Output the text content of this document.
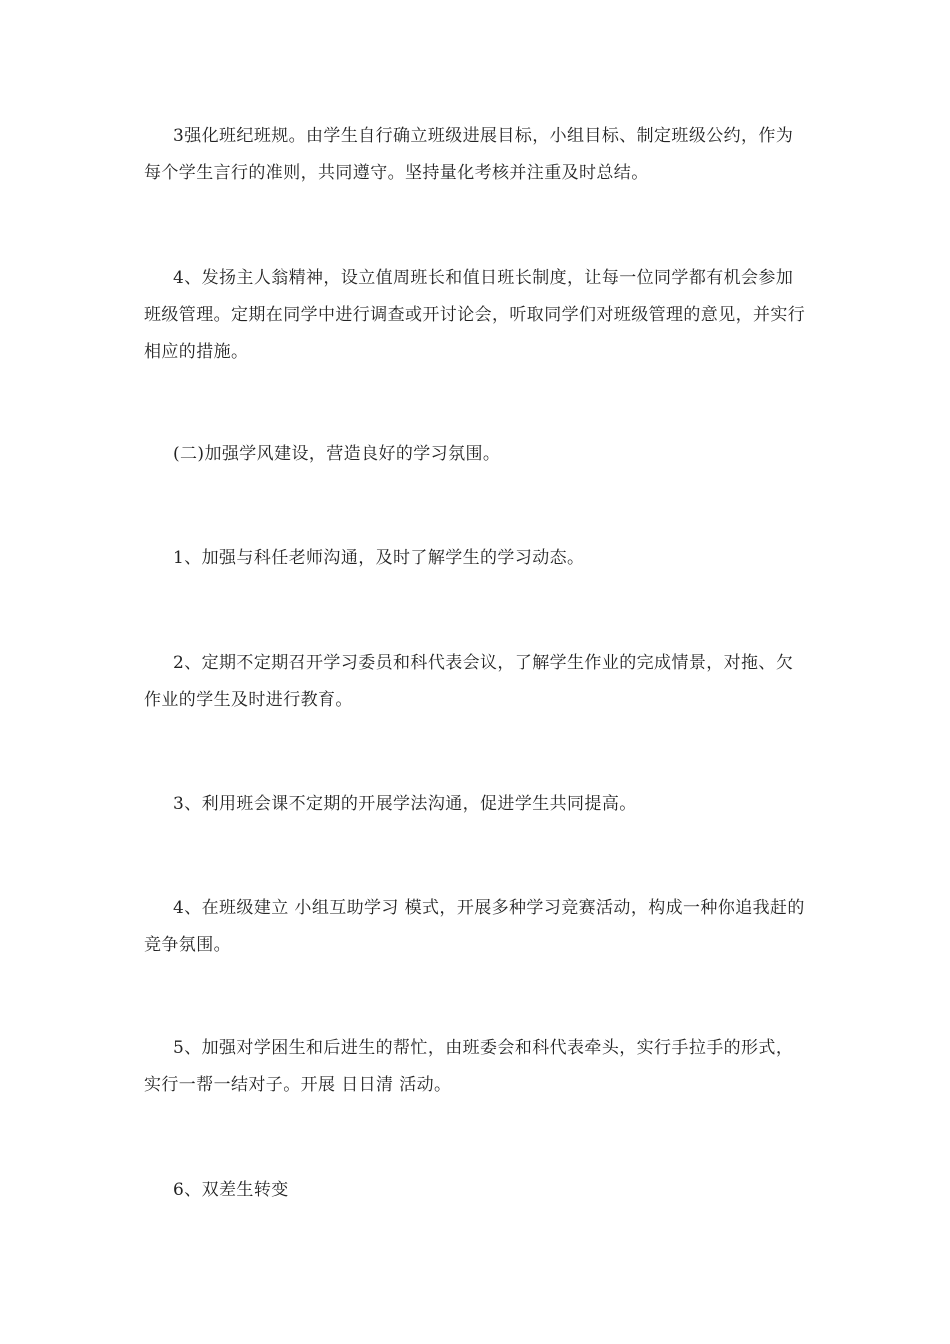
3强化班纪班规。由学生自行确立班级进展目标，小组目标、制定班级公约，作为每个学生言行的准则，共同遵守。坚持量化考核并注重及时总结。

4、发扬主人翁精神，设立值周班长和值日班长制度，让每一位同学都有机会参加班级管理。定期在同学中进行调查或开讨论会，听取同学们对班级管理的意见，并实行相应的措施。

(二)加强学风建设，营造良好的学习氛围。

1、加强与科任老师沟通，及时了解学生的学习动态。

2、定期不定期召开学习委员和科代表会议，了解学生作业的完成情景，对拖、欠作业的学生及时进行教育。

3、利用班会课不定期的开展学法沟通，促进学生共同提高。

4、在班级建立 小组互助学习 模式，开展多种学习竞赛活动，构成一种你追我赶的竞争氛围。

5、加强对学困生和后进生的帮忙，由班委会和科代表牵头，实行手拉手的形式，实行一帮一结对子。开展 日日清 活动。

6、双差生转变
